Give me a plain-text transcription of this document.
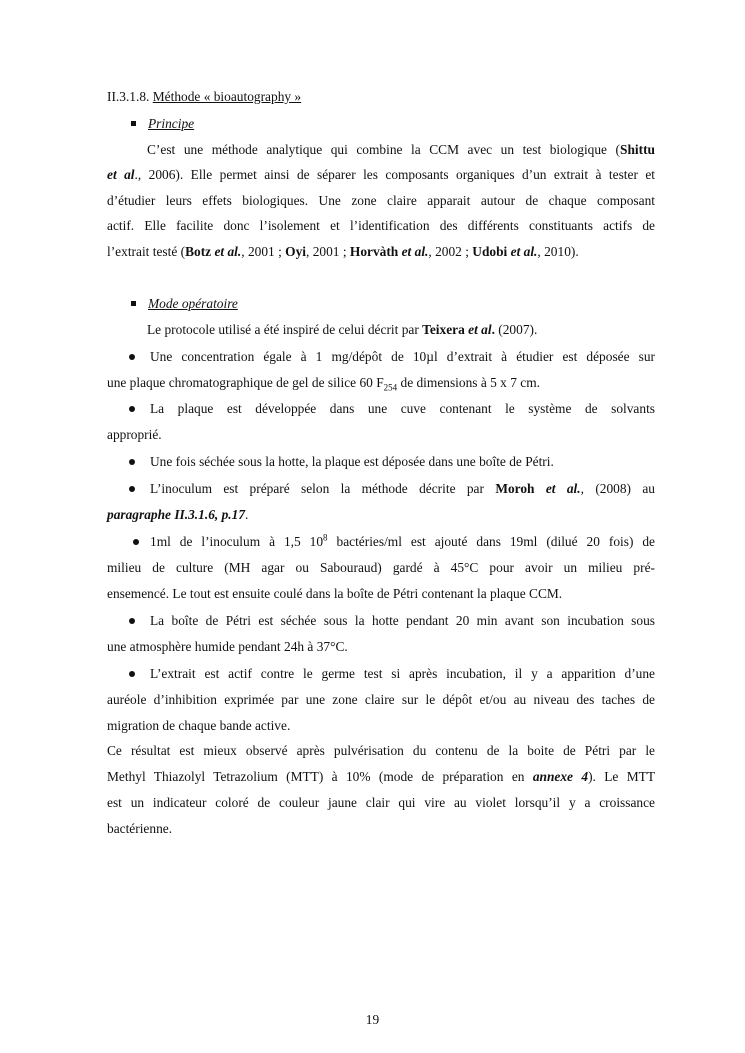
II.3.1.8. Méthode « bioautography »
Principe
C’est une méthode analytique qui combine la CCM avec un test biologique (Shittu
et al., 2006). Elle permet ainsi de séparer les composants organiques d’un extrait à tester et
d’étudier leurs effets biologiques. Une zone claire apparait autour de chaque composant
actif. Elle facilite donc l’isolement et l’identification des différents constituants actifs de
l’extrait testé (Botz et al., 2001 ; Oyi, 2001 ; Horvàth et al., 2002 ; Udobi et al., 2010).
Mode opératoire
Le protocole utilisé a été inspiré de celui décrit par Teixera et al. (2007).
Une concentration égale à 1 mg/dépôt de 10µl d’extrait à étudier est déposée sur
une plaque chromatographique de gel de silice 60 $F_{254}$ de dimensions à 5 x 7 cm.
La plaque est développée dans une cuve contenant le système de solvants
approprié.
Une fois séchée sous la hotte, la plaque est déposée dans une boîte de Pétri.
L’inoculum est préparé selon la méthode décrite par Moroh et al., (2008) au
paragraphe II.3.1.6, p.17.
1ml de l’inoculum à 1,5 $10^8$ bactéries/ml est ajouté dans 19ml (dilué 20 fois) de
milieu de culture (MH agar ou Sabouraud) gardé à 45°C pour avoir un milieu pré-
ensemencé. Le tout est ensuite coulé dans la boîte de Pétri contenant la plaque CCM.
La boîte de Pétri est séchée sous la hotte pendant 20 min avant son incubation sous
une atmosphère humide pendant 24h à 37°C.
L’extrait est actif contre le germe test si après incubation, il y a apparition d’une
auréole d’inhibition exprimée par une zone claire sur le dépôt et/ou au niveau des taches de
migration de chaque bande active.
Ce résultat est mieux observé après pulvérisation du contenu de la boite de Pétri par le
Methyl Thiazolyl Tetrazolium (MTT) à 10% (mode de préparation en annexe 4). Le MTT
est un indicateur coloré de couleur jaune clair qui vire au violet lorsqu’il y a croissance
bactérienne.
19
